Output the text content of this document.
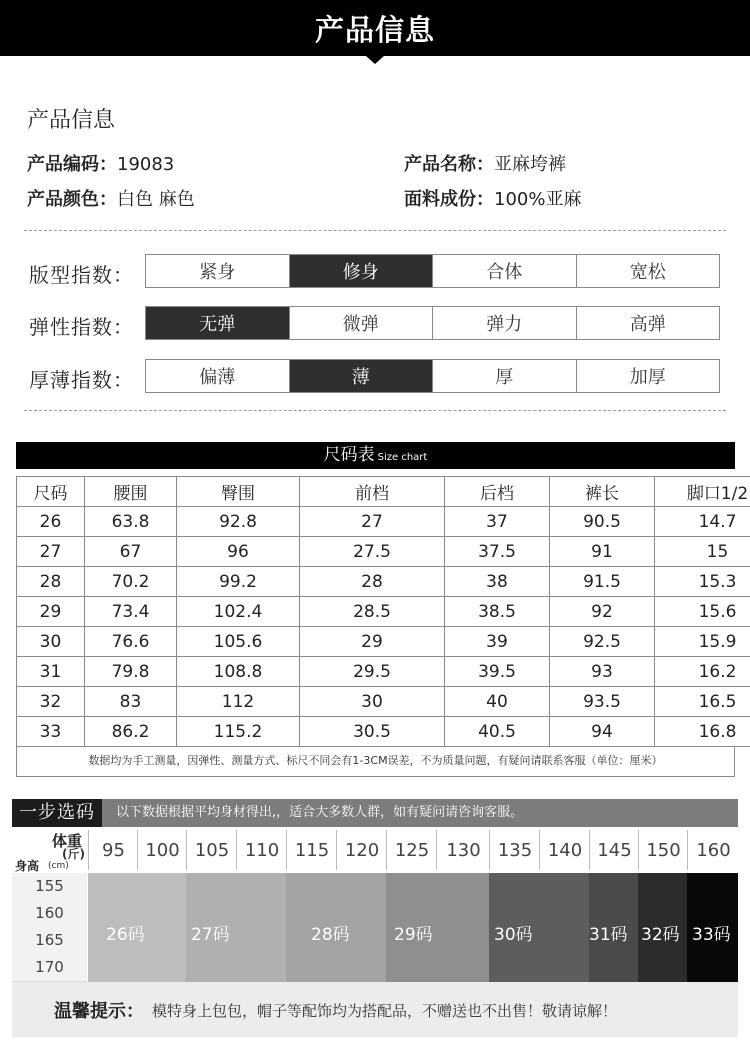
产品信息
产品信息
产品编码：19083	产品名称：亚麻垮裤
产品颜色：白色 麻色	面料成份：100%亚麻
版型指数：	紧身	修身	合体	宽松
弹性指数：	无弹	微弹	弹力	高弹
厚薄指数：	偏薄	薄	厚	加厚
尺码表 Size chart
尺码	腰围	臀围	前档	后档	裤长	脚口1/2
26	63.8	92.8	27	37	90.5	14.7
27	67	96	27.5	37.5	91	15
28	70.2	99.2	28	38	91.5	15.3
29	73.4	102.4	28.5	38.5	92	15.6
30	76.6	105.6	29	39	92.5	15.9
31	79.8	108.8	29.5	39.5	93	16.2
32	83	112	30	40	93.5	16.5
33	86.2	115.2	30.5	40.5	94	16.8
数据均为手工测量，因弹性、测量方式、标尺不同会有1-3CM误差，不为质量问题，有疑问请联系客服（单位：厘米）
一步选码	以下数据根据平均身材得出,，适合大多数人群，如有疑问请咨询客服。
体重
(斤)
身高 (cm)
95	100 105 110 115 120 125 130 135 140 145 150 160
155
160
165
170
26码	27码	28码	29码	30码	31码 32码 33码
温馨提示： 模特身上包包，帽子等配饰均为搭配品，不赠送也不出售！敬请谅解！
